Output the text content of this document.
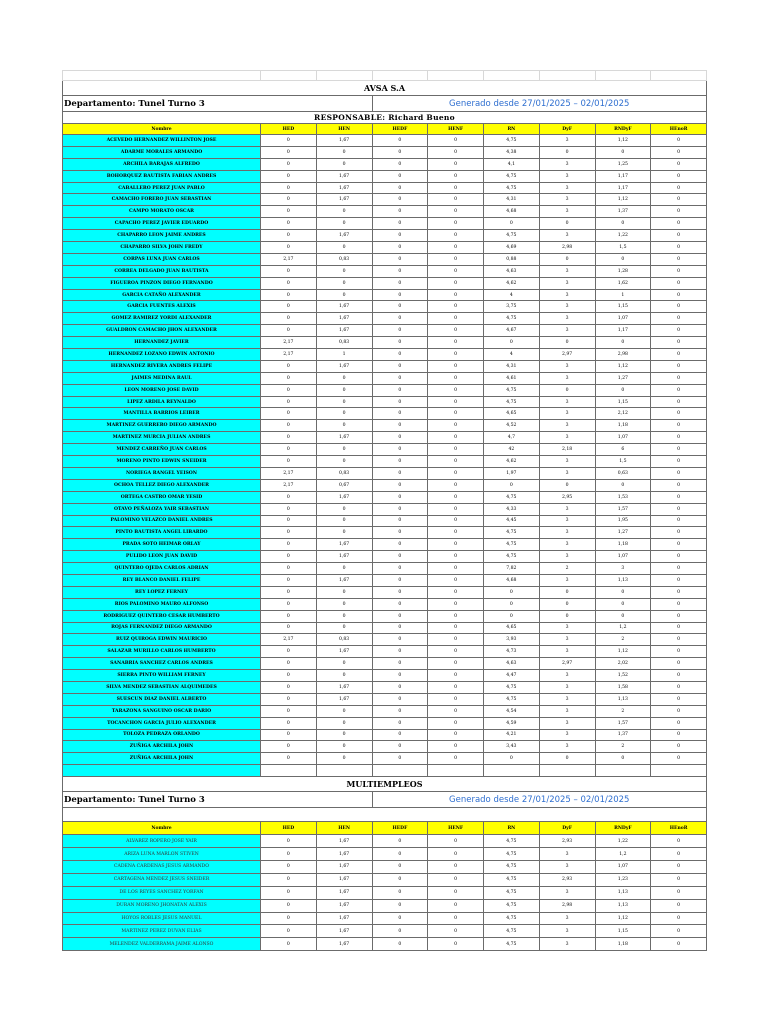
AVSA S.A								
Departamento: Tunel Turno 3			Generado desde 27/01/2025 – 02/01/2025					
RESPONSABLE: Richard Bueno								
Nombre	HED	HEN	HEDF	HENF	RN	DyF	RNDyF	HEnoR
ACEVEDO HERNANDEZ WILLINTON JOSE	0	1,67	0	0	4,75	3	1,12	0
ADARME MORALES ARMANDO	0	0	0	0	4,38	0	0	0
ARCHILA BARAJAS ALFREDO	0	0	0	0	4,1	3	1,25	0
BOHORQUEZ BAUTISTA FABIAN ANDRES	0	1,67	0	0	4,75	3	1,17	0
CABALLERO PEREZ JUAN PABLO	0	1,67	0	0	4,75	3	1,17	0
CAMACHO FORERO JUAN SEBASTIAN	0	1,67	0	0	4,31	3	1,12	0
CAMPO MORATO OSCAR	0	0	0	0	4,68	3	1,37	0
CAPACHO PEREZ JAVIER EDUARDO	0	0	0	0	0	0	0	0
CHAPARRO LEON JAIME ANDRES	0	1,67	0	0	4,75	3	1,22	0
CHAPARRO SILVA JOHN FREDY	0	0	0	0	4,69	2,98	1,5	0
CORPAS LUNA JUAN CARLOS	2,17	0,83	0	0	0,88	0	0	0
CORREA DELGADO JUAN BAUTISTA	0	0	0	0	4,63	3	1,28	0
FIGUEROA PINZON DIEGO FERNANDO	0	0	0	0	4,62	3	1,62	0
GARCIA CATAÑO ALEXANDER	0	0	0	0	4	3	1	0
GARCIA FUENTES ALEXIS	0	1,67	0	0	3,75	3	1,15	0
GOMEZ RAMIREZ YORDI ALEXANDER	0	1,67	0	0	4,75	3	1,07	0
GUALDRON CAMACHO JHON ALEXANDER	0	1,67	0	0	4,67	3	1,17	0
HERNANDEZ JAVIER	2,17	0,83	0	0	0	0	0	0
HERNANDEZ LOZANO EDWIN ANTONIO	2,17	1	0	0	4	2,97	2,98	0
HERNANDEZ RIVERA ANDRES FELIPE	0	1,67	0	0	4,31	3	1,12	0
JAIMES MEDINA RAUL	0	0	0	0	4,61	3	1,27	0
LEON MORENO JOSE DAVID	0	0	0	0	4,75	0	0	0
LIPEZ ARDILA REYNALDO	0	0	0	0	4,75	3	1,15	0
MANTILLA BARRIOS LEIBER	0	0	0	0	4,65	3	2,12	0
MARTINEZ GUERRERO DIEGO ARMANDO	0	0	0	0	4,52	3	1,18	0
MARTINEZ MURCIA JULIAN ANDRES	0	1,67	0	0	4,7	3	1,07	0
MENDEZ CARREÑO JUAN CARLOS	0	0	0	0	42	2,18	6	0
MORENO PINTO EDWIN SNEIDER	0	0	0	0	4,62	3	1,5	0
NORIEGA RANGEL YEISON	2,17	0,83	0	0	1,97	3	0,63	0
OCHOA TELLEZ DIEGO ALEXANDER	2,17	0,67	0	0	0	0	0	0
ORTEGA CASTRO OMAR YESID	0	1,67	0	0	4,75	2,95	1,53	0
OTAVO PEÑALOZA YAIR SEBASTIAN	0	0	0	0	4,33	3	1,57	0
PALOMINO VELAZCO DANIEL ANDRES	0	0	0	0	4,45	3	1,95	0
PINTO BAUTISTA ANGEL LIBARDO	0	0	0	0	4,75	3	1,27	0
PRADA SOTO HEIMAR ORLAY	0	1,67	0	0	4,75	3	1,18	0
PULIDO LEON JUAN DAVID	0	1,67	0	0	4,75	3	1,07	0
QUINTERO OJEDA CARLOS ADRIAN	0	0	0	0	7,82	2	3	0
REY BLANCO DANIEL FELIPE	0	1,67	0	0	4,68	3	1,13	0
REY LOPEZ FERNEY	0	0	0	0	0	0	0	0
RIOS PALOMINO MAURO ALFONSO	0	0	0	0	0	0	0	0
RODRIGUEZ QUINTERO CESAR HUMBERTO	0	0	0	0	0	0	0	0
ROJAS FERNANDEZ DIEGO ARMANDO	0	0	0	0	4,65	3	1,2	0
RUIZ QUIROGA EDWIN MAURICIO	2,17	0,83	0	0	3,93	3	2	0
SALAZAR MURILLO CARLOS HUMBERTO	0	1,67	0	0	4,73	3	1,12	0
SANABRIA SANCHEZ CARLOS ANDRES	0	0	0	0	4,63	2,97	2,02	0
SIERRA PINTO WILLIAM FERNEY	0	0	0	0	4,47	3	1,52	0
SILVA MENDEZ SEBASTIAN ALQUIMEDES	0	1,67	0	0	4,75	3	1,58	0
SUESCUN DIAZ DANIEL ALBERTO	0	1,67	0	0	4,75	3	1,13	0
TARAZONA SANGUINO OSCAR DARIO	0	0	0	0	4,54	3	2	0
TOCANCHON GARCIA JULIO ALEXANDER	0	0	0	0	4,59	3	1,57	0
TOLOZA PEDRAZA ORLANDO	0	0	0	0	4,21	3	1,37	0
ZUÑIGA ARCHILA JOHN	0	0	0	0	3,43	3	2	0
ZUÑIGA ARCHILA JOHN	0	0	0	0	0	0	0	0

MULTIEMPLEOS								
Departamento: Tunel Turno 3			Generado desde 27/01/2025 – 02/01/2025					

Nombre	HED	HEN	HEDF	HENF	RN	DyF	RNDyF	HEnoR
ALVAREZ ROPERO JOSE YAIR	0	1,67	0	0	4,75	2,93	1,22	0
ARIZA LUNA MARLON STIVEN	0	1,67	0	0	4,75	3	1,2	0
CADENA CARDENAS JESUS ARMANDO	0	1,67	0	0	4,75	3	1,07	0
CARTAGENA MENDEZ JESUS SNEIDER	0	1,67	0	0	4,75	2,93	1,23	0
DE LOS REYES SANCHEZ YORFAN	0	1,67	0	0	4,75	3	1,13	0
DURAN MORENO JHONATAN ALEXIS	0	1,67	0	0	4,75	2,98	1,13	0
HOYOS ROBLES JESUS MANUEL	0	1,67	0	0	4,75	3	1,12	0
MARTINEZ PEREZ DUVAN ELIAS	0	1,67	0	0	4,75	3	1,15	0
MELENDEZ VALDERRAMA JAIME ALONSO	0	1,67	0	0	4,75	3	1,18	0
